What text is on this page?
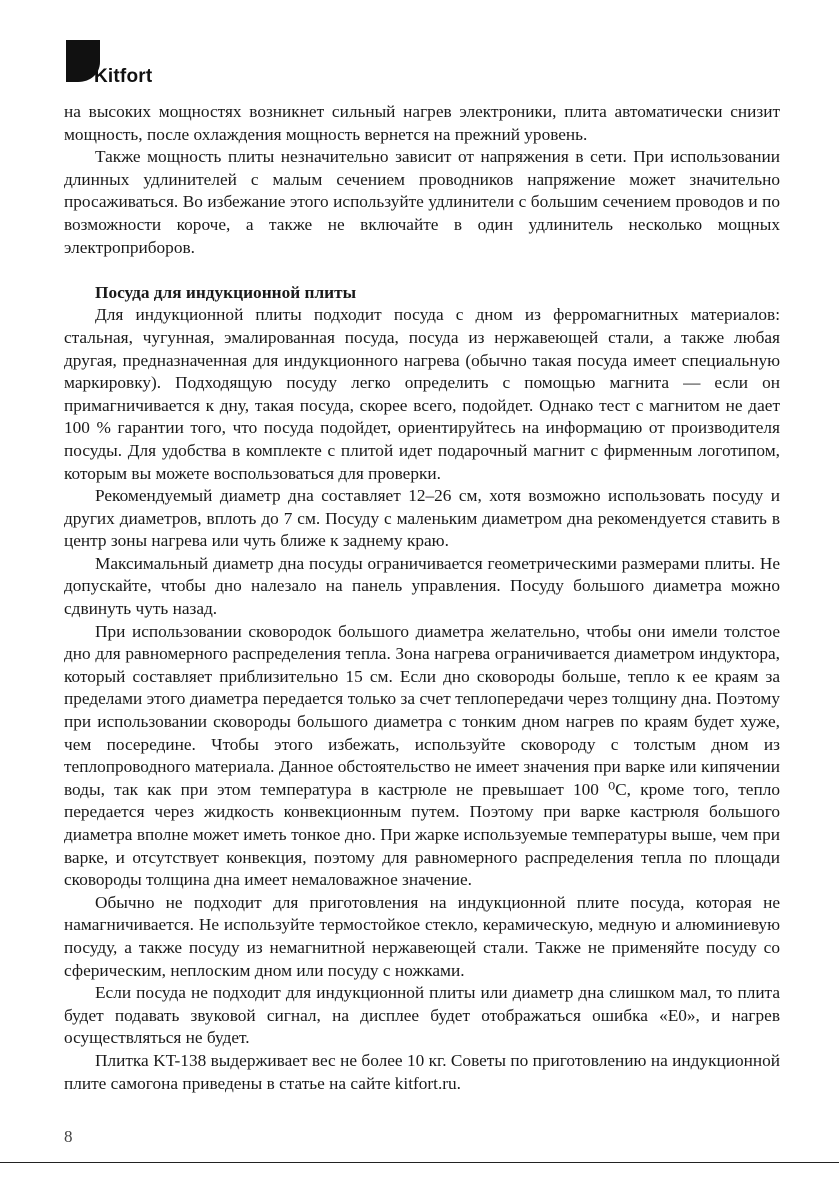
Kitfort

на высоких мощностях возникнет сильный нагрев электроники, плита автоматически снизит мощность, после охлаждения мощность вернется на прежний уровень.

Также мощность плиты незначительно зависит от напряжения в сети. При использовании длинных удлинителей с малым сечением проводников напряжение может значительно просаживаться. Во избежание этого используйте удлинители с большим сечением проводов и по возможности короче, а также не включайте в один удлинитель несколько мощных электроприборов.

Посуда для индукционной плиты

Для индукционной плиты подходит посуда с дном из ферромагнитных материалов: стальная, чугунная, эмалированная посуда, посуда из нержавеющей стали, а также любая другая, предназначенная для индукционного нагрева (обычно такая посуда имеет специальную маркировку). Подходящую посуду легко определить с помощью магнита — если он примагничивается к дну, такая посуда, скорее всего, подойдет. Однако тест с магнитом не дает 100 % гарантии того, что посуда подойдет, ориентируйтесь на информацию от производителя посуды. Для удобства в комплекте с плитой идет подарочный магнит с фирменным логотипом, которым вы можете воспользоваться для проверки.

Рекомендуемый диаметр дна составляет 12–26 см, хотя возможно использовать посуду и других диаметров, вплоть до 7 см. Посуду с маленьким диаметром дна рекомендуется ставить в центр зоны нагрева или чуть ближе к заднему краю.

Максимальный диаметр дна посуды ограничивается геометрическими размерами плиты. Не допускайте, чтобы дно налезало на панель управления. Посуду большого диаметра можно сдвинуть чуть назад.

При использовании сковородок большого диаметра желательно, чтобы они имели толстое дно для равномерного распределения тепла. Зона нагрева ограничивается диаметром индуктора, который составляет приблизительно 15 см. Если дно сковороды больше, тепло к ее краям за пределами этого диаметра передается только за счет теплопередачи через толщину дна. Поэтому при использовании сковороды большого диаметра с тонким дном нагрев по краям будет хуже, чем посередине. Чтобы этого избежать, используйте сковороду с толстым дном из теплопроводного материала. Данное обстоятельство не имеет значения при варке или кипячении воды, так как при этом температура в кастрюле не превышает 100 ⁰С, кроме того, тепло передается через жидкость конвекционным путем. Поэтому при варке кастрюля большого диаметра вполне может иметь тонкое дно. При жарке используемые температуры выше, чем при варке, и отсутствует конвекция, поэтому для равномерного распределения тепла по площади сковороды толщина дна имеет немаловажное значение.

Обычно не подходит для приготовления на индукционной плите посуда, которая не намагничивается. Не используйте термостойкое стекло, керамическую, медную и алюминиевую посуду, а также посуду из немагнитной нержавеющей стали. Также не применяйте посуду со сферическим, неплоским дном или посуду с ножками.

Если посуда не подходит для индукционной плиты или диаметр дна слишком мал, то плита будет подавать звуковой сигнал, на дисплее будет отображаться ошибка «E0», и нагрев осуществляться не будет.

Плитка KT-138 выдерживает вес не более 10 кг. Советы по приготовлению на индукционной плите самогона приведены в статье на сайте kitfort.ru.

8
